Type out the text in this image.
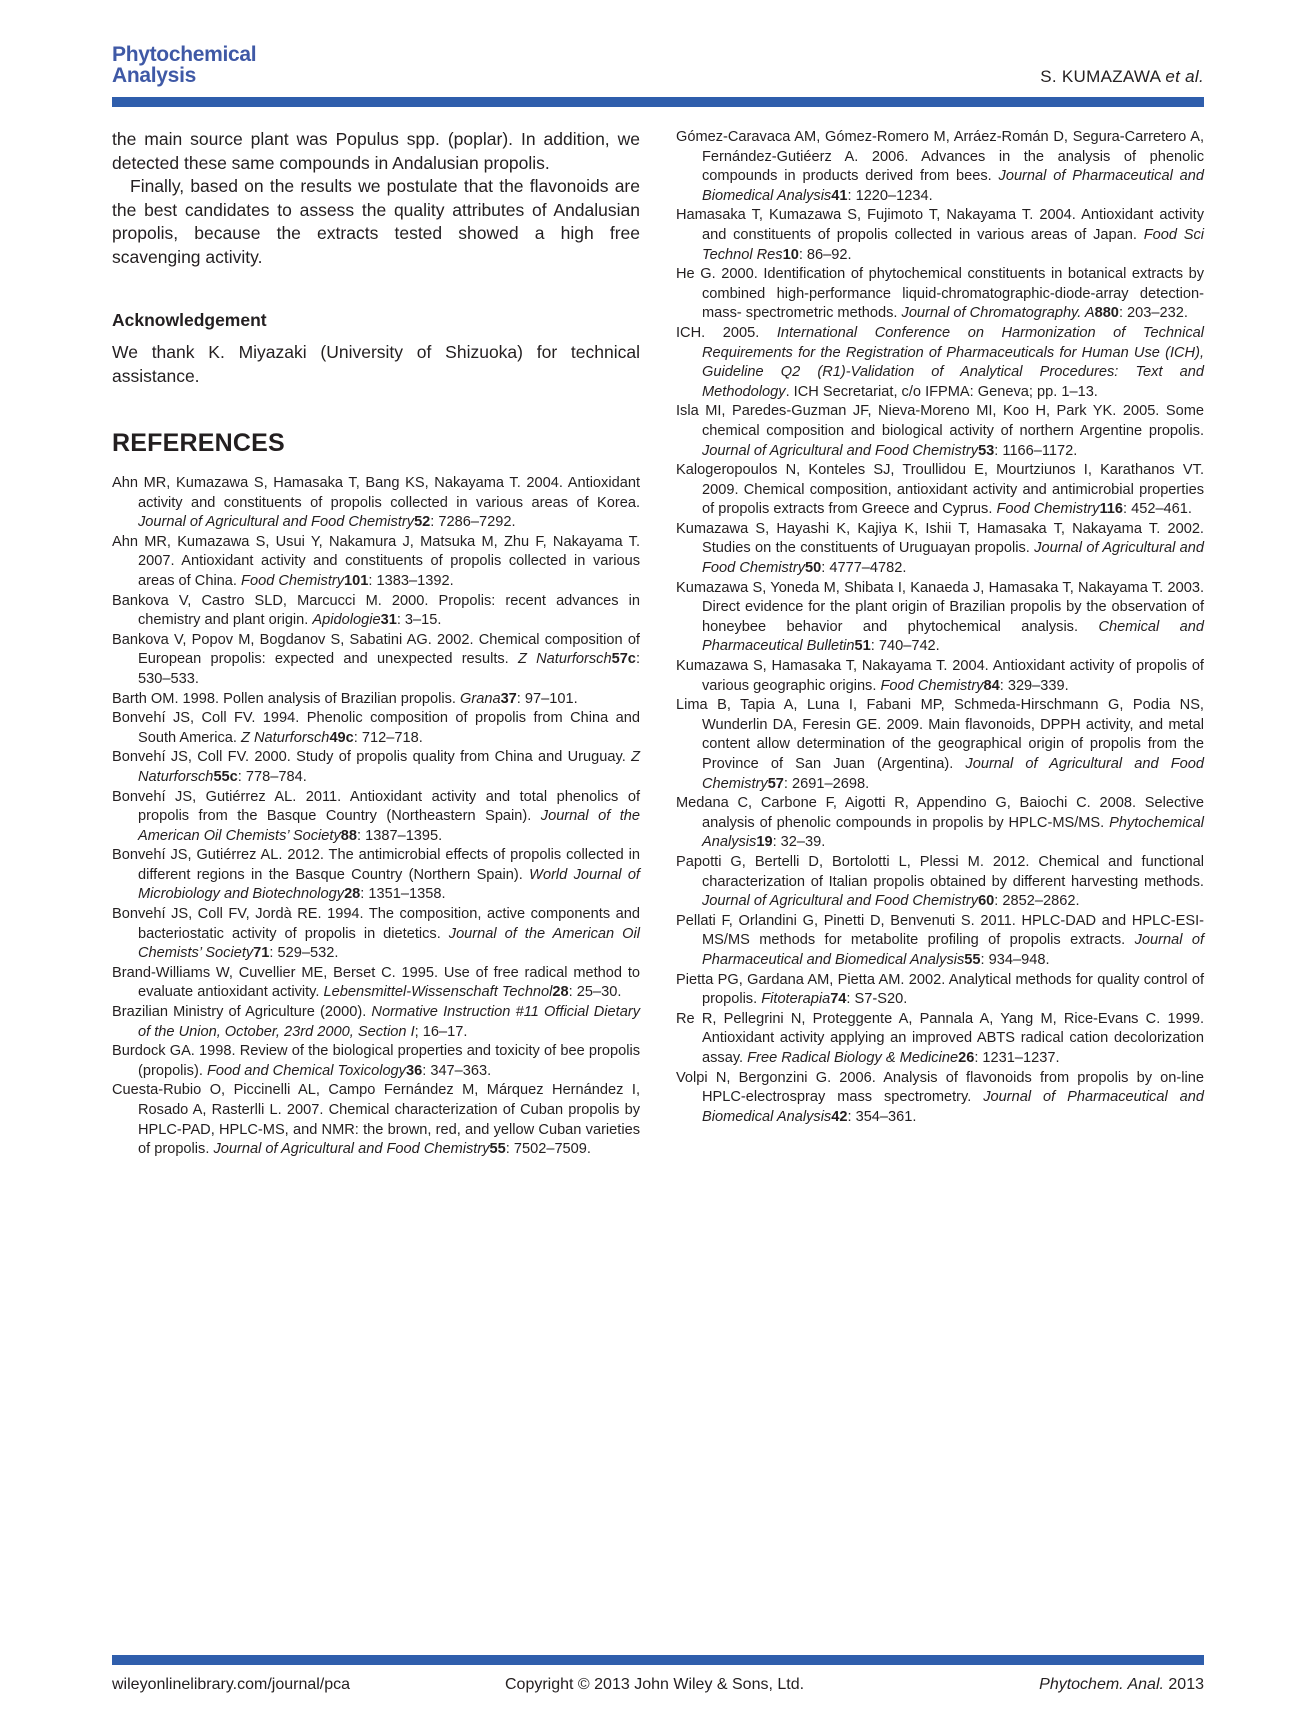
Phytochemical
Analysis	S. KUMAZAWA et al.

the main source plant was Populus spp. (poplar). In addition, we detected these same compounds in Andalusian propolis.

Finally, based on the results we postulate that the flavonoids are the best candidates to assess the quality attributes of Andalusian propolis, because the extracts tested showed a high free scavenging activity.

Acknowledgement

We thank K. Miyazaki (University of Shizuoka) for technical assistance.

REFERENCES
Ahn MR, Kumazawa S, Hamasaka T, Bang KS, Nakayama T. 2004. Antioxidant activity and constituents of propolis collected in various areas of Korea. Journal of Agricultural and Food Chemistry52: 7286–7292.
Ahn MR, Kumazawa S, Usui Y, Nakamura J, Matsuka M, Zhu F, Nakayama T. 2007. Antioxidant activity and constituents of propolis collected in various areas of China. Food Chemistry101: 1383–1392.
Bankova V, Castro SLD, Marcucci M. 2000. Propolis: recent advances in chemistry and plant origin. Apidologie31: 3–15.
Bankova V, Popov M, Bogdanov S, Sabatini AG. 2002. Chemical composition of European propolis: expected and unexpected results. Z Naturforsch57c: 530–533.
Barth OM. 1998. Pollen analysis of Brazilian propolis. Grana37: 97–101.
Bonvehí JS, Coll FV. 1994. Phenolic composition of propolis from China and South America. Z Naturforsch49c: 712–718.
Bonvehí JS, Coll FV. 2000. Study of propolis quality from China and Uruguay. Z Naturforsch55c: 778–784.
Bonvehí JS, Gutiérrez AL. 2011. Antioxidant activity and total phenolics of propolis from the Basque Country (Northeastern Spain). Journal of the American Oil Chemists’ Society88: 1387–1395.
Bonvehí JS, Gutiérrez AL. 2012. The antimicrobial effects of propolis collected in different regions in the Basque Country (Northern Spain). World Journal of Microbiology and Biotechnology28: 1351–1358.
Bonvehí JS, Coll FV, Jordà RE. 1994. The composition, active components and bacteriostatic activity of propolis in dietetics. Journal of the American Oil Chemists’ Society71: 529–532.
Brand-Williams W, Cuvellier ME, Berset C. 1995. Use of free radical method to evaluate antioxidant activity. Lebensmittel-Wissenschaft Technol28: 25–30.
Brazilian Ministry of Agriculture (2000). Normative Instruction #11 Official Dietary of the Union, October, 23rd 2000, Section I; 16–17.
Burdock GA. 1998. Review of the biological properties and toxicity of bee propolis (propolis). Food and Chemical Toxicology36: 347–363.
Cuesta-Rubio O, Piccinelli AL, Campo Fernández M, Márquez Hernández I, Rosado A, Rasterlli L. 2007. Chemical characterization of Cuban propolis by HPLC-PAD, HPLC-MS, and NMR: the brown, red, and yellow Cuban varieties of propolis. Journal of Agricultural and Food Chemistry55: 7502–7509.
Gómez-Caravaca AM, Gómez-Romero M, Arráez-Román D, Segura-Carretero A, Fernández-Gutiéerz A. 2006. Advances in the analysis of phenolic compounds in products derived from bees. Journal of Pharmaceutical and Biomedical Analysis41: 1220–1234.
Hamasaka T, Kumazawa S, Fujimoto T, Nakayama T. 2004. Antioxidant activity and constituents of propolis collected in various areas of Japan. Food Sci Technol Res10: 86–92.
He G. 2000. Identification of phytochemical constituents in botanical extracts by combined high-performance liquid-chromatographic-diode-array detection-mass- spectrometric methods. Journal of Chromatography. A880: 203–232.
ICH. 2005. International Conference on Harmonization of Technical Requirements for the Registration of Pharmaceuticals for Human Use (ICH), Guideline Q2 (R1)-Validation of Analytical Procedures: Text and Methodology. ICH Secretariat, c/o IFPMA: Geneva; pp. 1–13.
Isla MI, Paredes-Guzman JF, Nieva-Moreno MI, Koo H, Park YK. 2005. Some chemical composition and biological activity of northern Argentine propolis. Journal of Agricultural and Food Chemistry53: 1166–1172.
Kalogeropoulos N, Konteles SJ, Troullidou E, Mourtziunos I, Karathanos VT. 2009. Chemical composition, antioxidant activity and antimicrobial properties of propolis extracts from Greece and Cyprus. Food Chemistry116: 452–461.
Kumazawa S, Hayashi K, Kajiya K, Ishii T, Hamasaka T, Nakayama T. 2002. Studies on the constituents of Uruguayan propolis. Journal of Agricultural and Food Chemistry50: 4777–4782.
Kumazawa S, Yoneda M, Shibata I, Kanaeda J, Hamasaka T, Nakayama T. 2003. Direct evidence for the plant origin of Brazilian propolis by the observation of honeybee behavior and phytochemical analysis. Chemical and Pharmaceutical Bulletin51: 740–742.
Kumazawa S, Hamasaka T, Nakayama T. 2004. Antioxidant activity of propolis of various geographic origins. Food Chemistry84: 329–339.
Lima B, Tapia A, Luna I, Fabani MP, Schmeda-Hirschmann G, Podia NS, Wunderlin DA, Feresin GE. 2009. Main flavonoids, DPPH activity, and metal content allow determination of the geographical origin of propolis from the Province of San Juan (Argentina). Journal of Agricultural and Food Chemistry57: 2691–2698.
Medana C, Carbone F, Aigotti R, Appendino G, Baiochi C. 2008. Selective analysis of phenolic compounds in propolis by HPLC-MS/MS. Phytochemical Analysis19: 32–39.
Papotti G, Bertelli D, Bortolotti L, Plessi M. 2012. Chemical and functional characterization of Italian propolis obtained by different harvesting methods. Journal of Agricultural and Food Chemistry60: 2852–2862.
Pellati F, Orlandini G, Pinetti D, Benvenuti S. 2011. HPLC-DAD and HPLC-ESI-MS/MS methods for metabolite profiling of propolis extracts. Journal of Pharmaceutical and Biomedical Analysis55: 934–948.
Pietta PG, Gardana AM, Pietta AM. 2002. Analytical methods for quality control of propolis. Fitoterapia74: S7-S20.
Re R, Pellegrini N, Proteggente A, Pannala A, Yang M, Rice-Evans C. 1999. Antioxidant activity applying an improved ABTS radical cation decolorization assay. Free Radical Biology & Medicine26: 1231–1237.
Volpi N, Bergonzini G. 2006. Analysis of flavonoids from propolis by on-line HPLC-electrospray mass spectrometry. Journal of Pharmaceutical and Biomedical Analysis42: 354–361.
wileyonlinelibrary.com/journal/pca	Copyright © 2013 John Wiley & Sons, Ltd.	Phytochem. Anal. 2013
